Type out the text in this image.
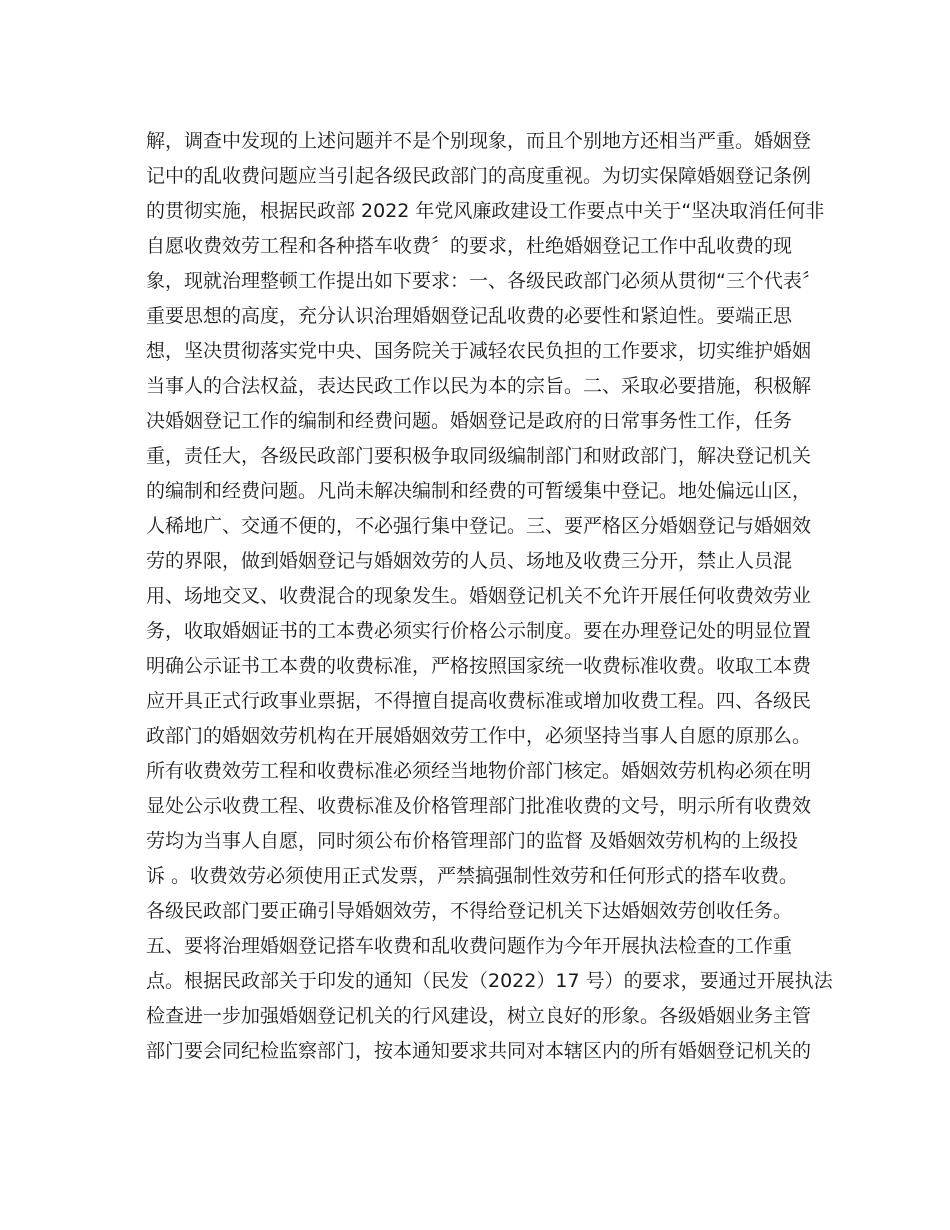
解，调查中发现的上述问题并不是个别现象，而且个别地方还相当严重。婚姻登
记中的乱收费问题应当引起各级民政部门的高度重视。为切实保障婚姻登记条例
的贯彻实施，根据民政部 2022 年党风廉政建设工作要点中关于“坚决取消任何非
自愿收费效劳工程和各种搭车收费〞的要求，杜绝婚姻登记工作中乱收费的现
象，现就治理整顿工作提出如下要求：一、各级民政部门必须从贯彻“三个代表〞
重要思想的高度，充分认识治理婚姻登记乱收费的必要性和紧迫性。要端正思
想，坚决贯彻落实党中央、国务院关于减轻农民负担的工作要求，切实维护婚姻
当事人的合法权益，表达民政工作以民为本的宗旨。二、采取必要措施，积极解
决婚姻登记工作的编制和经费问题。婚姻登记是政府的日常事务性工作，任务
重，责任大，各级民政部门要积极争取同级编制部门和财政部门，解决登记机关
的编制和经费问题。凡尚未解决编制和经费的可暂缓集中登记。地处偏远山区，
人稀地广、交通不便的，不必强行集中登记。三、要严格区分婚姻登记与婚姻效
劳的界限，做到婚姻登记与婚姻效劳的人员、场地及收费三分开，禁止人员混
用、场地交叉、收费混合的现象发生。婚姻登记机关不允许开展任何收费效劳业
务，收取婚姻证书的工本费必须实行价格公示制度。要在办理登记处的明显位置
明确公示证书工本费的收费标准，严格按照国家统一收费标准收费。收取工本费
应开具正式行政事业票据，不得擅自提高收费标准或增加收费工程。四、各级民
政部门的婚姻效劳机构在开展婚姻效劳工作中，必须坚持当事人自愿的原那么。
所有收费效劳工程和收费标准必须经当地物价部门核定。婚姻效劳机构必须在明
显处公示收费工程、收费标准及价格管理部门批准收费的文号，明示所有收费效
劳均为当事人自愿，同时须公布价格管理部门的监督 及婚姻效劳机构的上级投
诉 。收费效劳必须使用正式发票，严禁搞强制性效劳和任何形式的搭车收费。
各级民政部门要正确引导婚姻效劳，不得给登记机关下达婚姻效劳创收任务。
五、要将治理婚姻登记搭车收费和乱收费问题作为今年开展执法检查的工作重
点。根据民政部关于印发的通知（民发（2022）17 号）的要求，要通过开展执法
检查进一步加强婚姻登记机关的行风建设，树立良好的形象。各级婚姻业务主管
部门要会同纪检监察部门，按本通知要求共同对本辖区内的所有婚姻登记机关的
